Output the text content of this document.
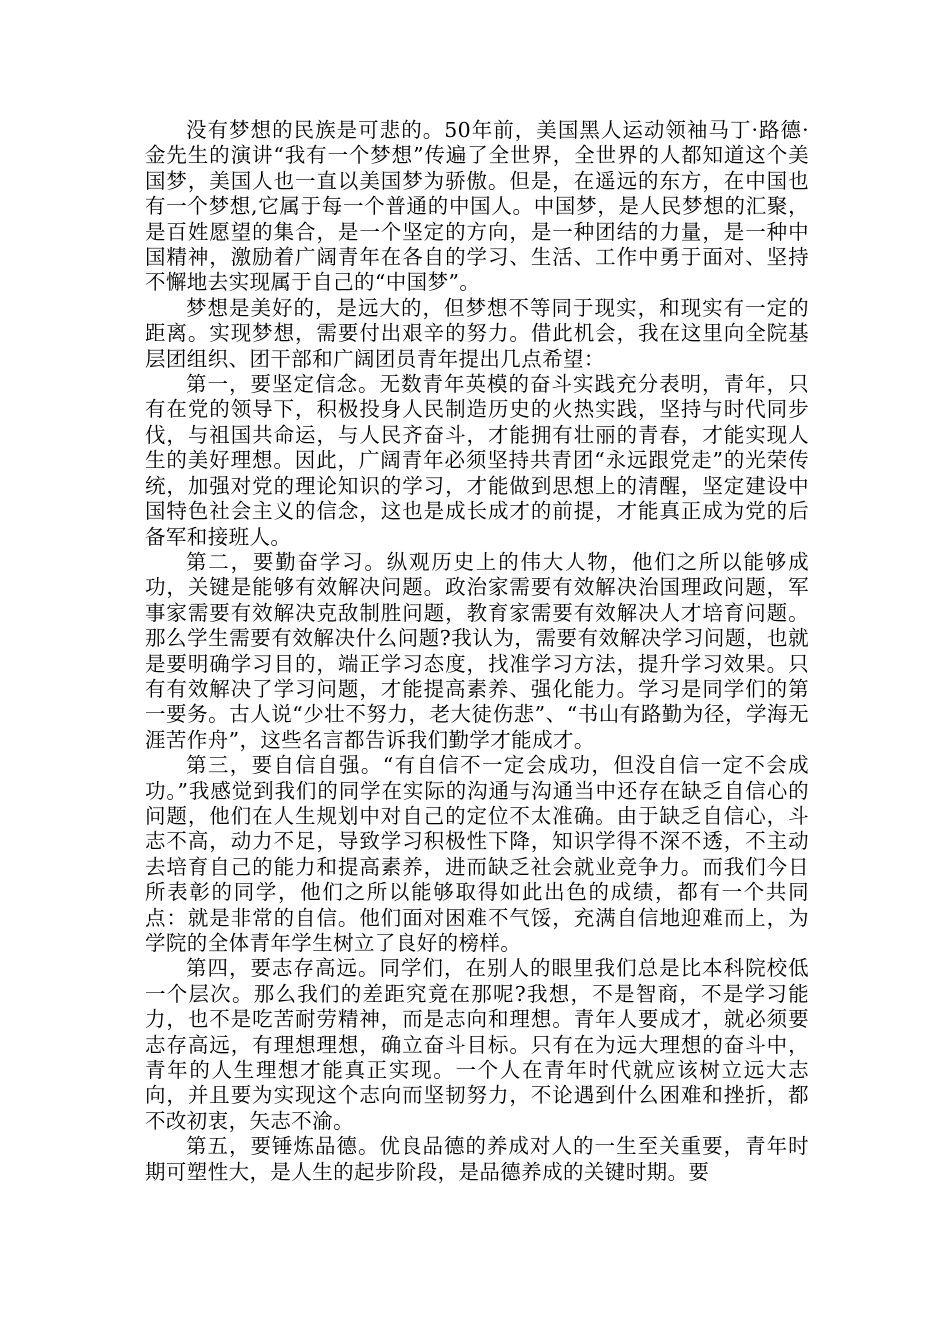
没有梦想的民族是可悲的。50年前，美国黑人运动领袖马丁·路德·金先生的演讲“我有一个梦想”传遍了全世界，全世界的人都知道这个美国梦，美国人也一直以美国梦为骄傲。但是，在遥远的东方，在中国也有一个梦想,它属于每一个普通的中国人。中国梦，是人民梦想的汇聚，是百姓愿望的集合，是一个坚定的方向，是一种团结的力量，是一种中国精神，激励着广阔青年在各自的学习、生活、工作中勇于面对、坚持不懈地去实现属于自己的“中国梦”。

梦想是美好的，是远大的，但梦想不等同于现实，和现实有一定的距离。实现梦想，需要付出艰辛的努力。借此机会，我在这里向全院基层团组织、团干部和广阔团员青年提出几点希望：

第一，要坚定信念。无数青年英模的奋斗实践充分表明，青年，只有在党的领导下，积极投身人民制造历史的火热实践，坚持与时代同步伐，与祖国共命运，与人民齐奋斗，才能拥有壮丽的青春，才能实现人生的美好理想。因此，广阔青年必须坚持共青团“永远跟党走”的光荣传统，加强对党的理论知识的学习，才能做到思想上的清醒，坚定建设中国特色社会主义的信念，这也是成长成才的前提，才能真正成为党的后备军和接班人。

第二，要勤奋学习。纵观历史上的伟大人物，他们之所以能够成功，关键是能够有效解决问题。政治家需要有效解决治国理政问题，军事家需要有效解决克敌制胜问题，教育家需要有效解决人才培育问题。那么学生需要有效解决什么问题?我认为，需要有效解决学习问题，也就是要明确学习目的，端正学习态度，找准学习方法，提升学习效果。只有有效解决了学习问题，才能提高素养、强化能力。学习是同学们的第一要务。古人说“少壮不努力，老大徒伤悲”、“书山有路勤为径，学海无涯苦作舟”，这些名言都告诉我们勤学才能成才。

第三，要自信自强。“有自信不一定会成功，但没自信一定不会成功。”我感觉到我们的同学在实际的沟通与沟通当中还存在缺乏自信心的问题，他们在人生规划中对自己的定位不太准确。由于缺乏自信心，斗志不高，动力不足，导致学习积极性下降，知识学得不深不透，不主动去培育自己的能力和提高素养，进而缺乏社会就业竞争力。而我们今日所表彰的同学，他们之所以能够取得如此出色的成绩，都有一个共同点：就是非常的自信。他们面对困难不气馁，充满自信地迎难而上，为学院的全体青年学生树立了良好的榜样。

第四，要志存高远。同学们，在别人的眼里我们总是比本科院校低一个层次。那么我们的差距究竟在那呢?我想，不是智商，不是学习能力，也不是吃苦耐劳精神，而是志向和理想。青年人要成才，就必须要志存高远，有理想理想，确立奋斗目标。只有在为远大理想的奋斗中，青年的人生理想才能真正实现。一个人在青年时代就应该树立远大志向，并且要为实现这个志向而坚韧努力，不论遇到什么困难和挫折，都不改初衷，矢志不渝。

第五，要锤炼品德。优良品德的养成对人的一生至关重要，青年时期可塑性大，是人生的起步阶段，是品德养成的关键时期。要
